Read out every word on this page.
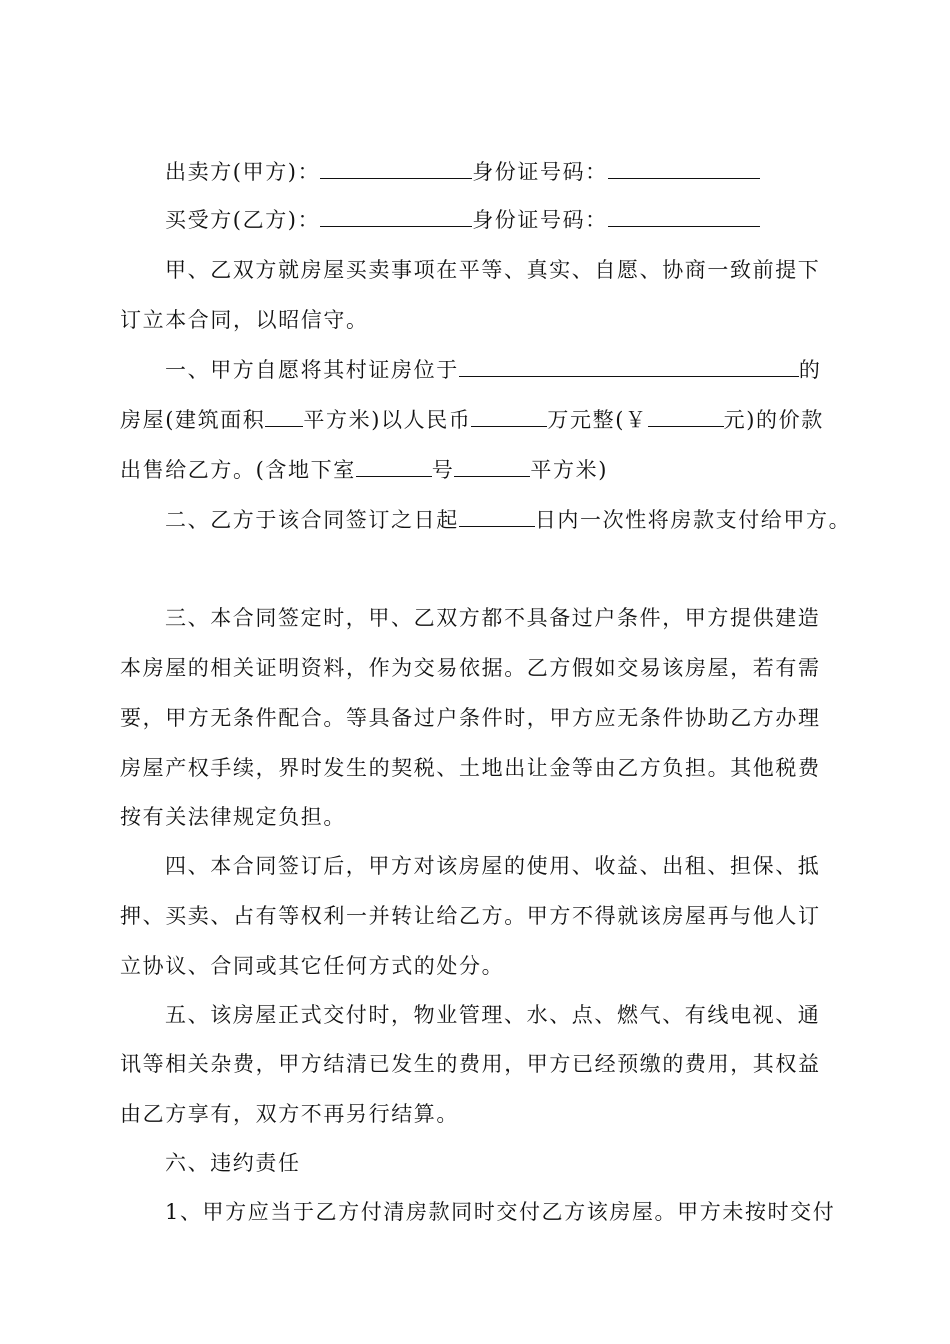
出卖方(甲方)：	身份证号码：
买受方(乙方)：	身份证号码：
甲、乙双方就房屋买卖事项在平等、真实、自愿、协商一致前提下
订立本合同，以昭信守。
一、甲方自愿将其村证房位于	的
房屋(建筑面积 平方米)以人民币	万元整(￥	元)的价款
出售给乙方。(含地下室	号	平方米)
二、乙方于该合同签订之日起	日内一次性将房款支付给甲方。
三、本合同签定时，甲、乙双方都不具备过户条件，甲方提供建造
本房屋的相关证明资料，作为交易依据。乙方假如交易该房屋，若有需
要，甲方无条件配合。等具备过户条件时，甲方应无条件协助乙方办理
房屋产权手续，界时发生的契税、土地出让金等由乙方负担。其他税费
按有关法律规定负担。
四、本合同签订后，甲方对该房屋的使用、收益、出租、担保、抵
押、买卖、占有等权利一并转让给乙方。甲方不得就该房屋再与他人订
立协议、合同或其它任何方式的处分。
五、该房屋正式交付时，物业管理、水、点、燃气、有线电视、通
讯等相关杂费，甲方结清已发生的费用，甲方已经预缴的费用，其权益
由乙方享有，双方不再另行结算。
六、违约责任
1、甲方应当于乙方付清房款同时交付乙方该房屋。甲方未按时交付
